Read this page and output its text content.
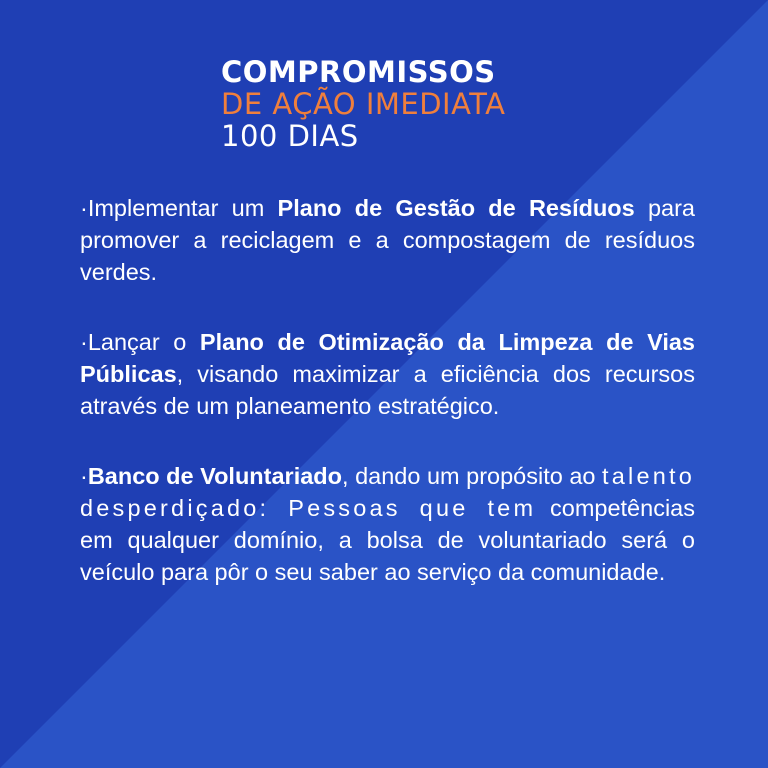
COMPROMISSOS
DE AÇÃO IMEDIATA
100 DIAS

·Implementar um Plano de Gestão de Resíduos para promover a reciclagem e a compostagem de resíduos verdes.

·Lançar o Plano de Otimização da Limpeza de Vias Públicas, visando maximizar a eficiência dos recursos através de um planeamento estratégico.

·Banco de Voluntariado, dando um propósito ao talento desperdiçado: Pessoas que tem competências em qualquer domínio, a bolsa de voluntariado será o veículo para pôr o seu saber ao serviço da comunidade.
